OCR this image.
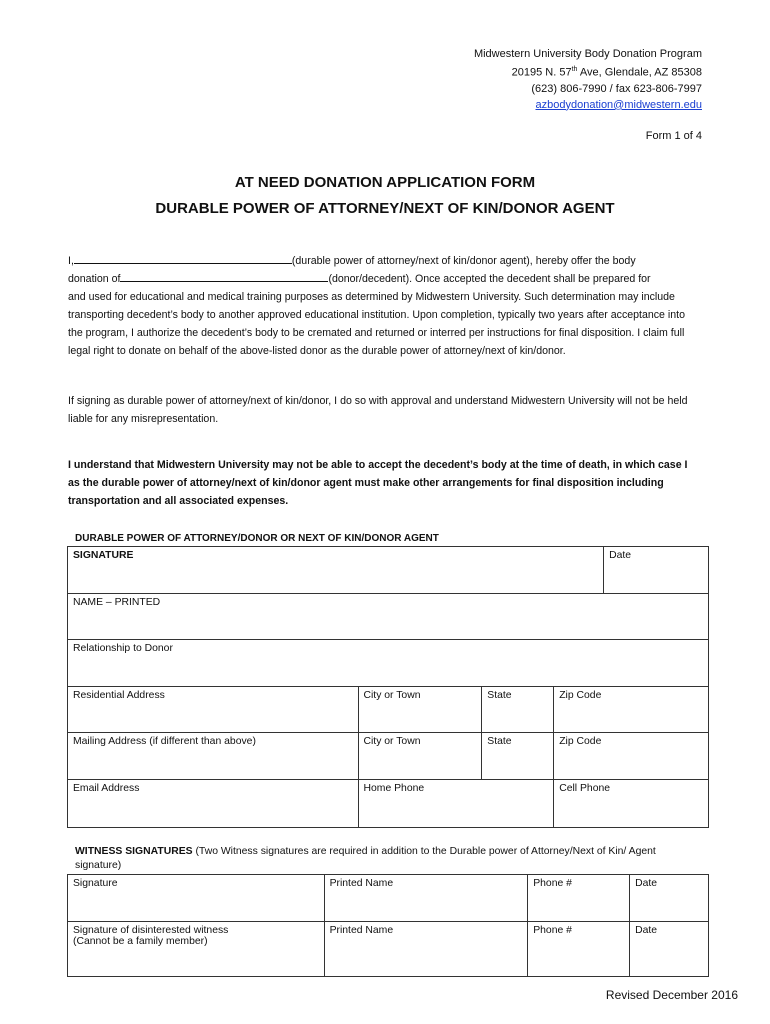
Midwestern University Body Donation Program
20195 N. 57th Ave, Glendale, AZ 85308
(623) 806-7990 / fax 623-806-7997
azbodydonation@midwestern.edu
Form 1 of 4
AT NEED DONATION APPLICATION FORM
DURABLE POWER OF ATTORNEY/NEXT OF KIN/DONOR AGENT
I,	(durable power of attorney/next of kin/donor agent), hereby offer the body
donation of	(donor/decedent). Once accepted the decedent shall be prepared for
and used for educational and medical training purposes as determined by Midwestern University. Such determination may include transporting decedent’s body to another approved educational institution. Upon completion, typically two years after acceptance into the program, I authorize the decedent’s body to be cremated and returned or interred per instructions for final disposition. I claim full legal right to donate on behalf of the above-listed donor as the durable power of attorney/next of kin/donor.
If signing as durable power of attorney/next of kin/donor, I do so with approval and understand Midwestern University will not be held liable for any misrepresentation.
I understand that Midwestern University may not be able to accept the decedent’s body at the time of death, in which case I as the durable power of attorney/next of kin/donor agent must make other arrangements for final disposition including transportation and all associated expenses.
DURABLE POWER OF ATTORNEY/DONOR OR NEXT OF KIN/DONOR AGENT
SIGNATURE				Date
NAME – PRINTED				
Relationship to Donor				
Residential Address	City or Town	State	Zip Code	
Mailing Address (if different than above)	City or Town	State	Zip Code	
Email Address	Home Phone		Cell Phone	
WITNESS SIGNATURES (Two Witness signatures are required in addition to the Durable power of Attorney/Next of Kin/ Agent signature)
Signature	Printed Name	Phone #	Date

Signature of disinterested witness
(Cannot be a family member)	Printed Name	Phone #	Date
Revised December 2016
